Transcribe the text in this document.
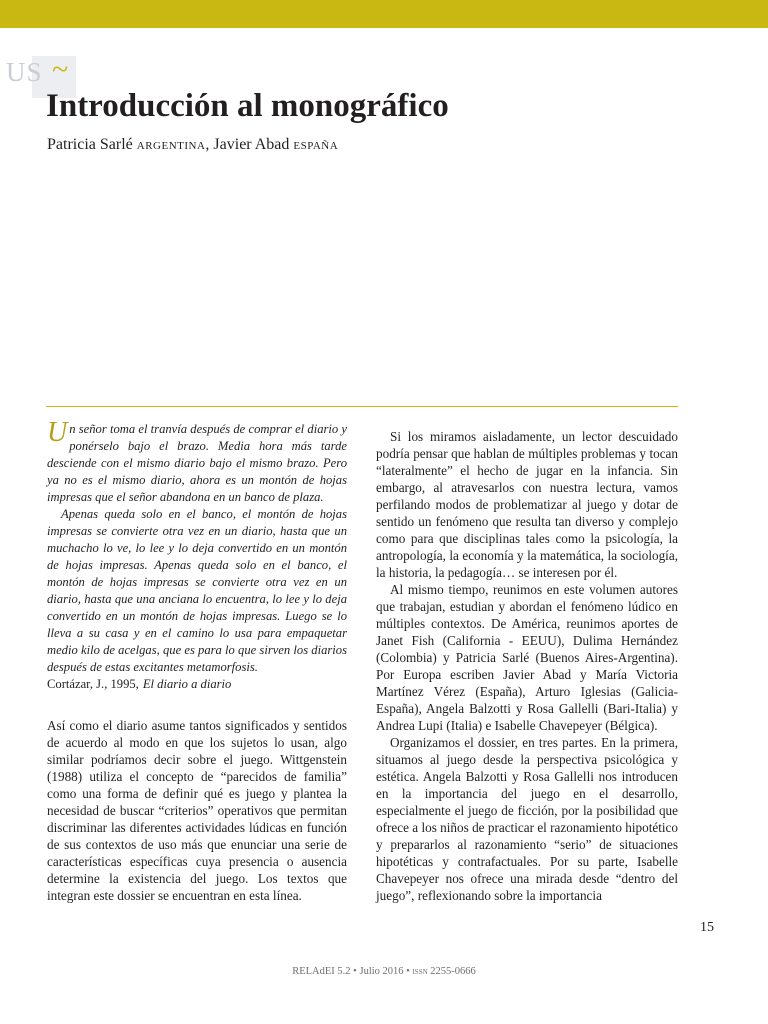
US ~
Introducción al monográfico
Patricia Sarlé argentina, Javier Abad españa

Un señor toma el tranvía después de comprar el diario y ponérselo bajo el brazo. Media hora más tarde desciende con el mismo diario bajo el mismo brazo. Pero ya no es el mismo diario, ahora es un montón de hojas impresas que el señor abandona en un banco de plaza.

Apenas queda solo en el banco, el montón de hojas impresas se convierte otra vez en un diario, hasta que un muchacho lo ve, lo lee y lo deja convertido en un montón de hojas impresas. Apenas queda solo en el banco, el montón de hojas impresas se convierte otra vez en un diario, hasta que una anciana lo encuentra, lo lee y lo deja convertido en un montón de hojas impresas. Luego se lo lleva a su casa y en el camino lo usa para empaquetar medio kilo de acelgas, que es para lo que sirven los diarios después de estas excitantes metamorfosis.

Cortázar, J., 1995, El diario a diario

Así como el diario asume tantos significados y sentidos de acuerdo al modo en que los sujetos lo usan, algo similar podríamos decir sobre el juego. Wittgenstein (1988) utiliza el concepto de “parecidos de familia” como una forma de definir qué es juego y plantea la necesidad de buscar “criterios” operativos que permitan discriminar las diferentes actividades lúdicas en función de sus contextos de uso más que enunciar una serie de características específicas cuya presencia o ausencia determine la existencia del juego. Los textos que integran este dossier se encuentran en esta línea.

Si los miramos aisladamente, un lector descuidado podría pensar que hablan de múltiples problemas y tocan “lateralmente” el hecho de jugar en la infancia. Sin embargo, al atravesarlos con nuestra lectura, vamos perfilando modos de problematizar al juego y dotar de sentido un fenómeno que resulta tan diverso y complejo como para que disciplinas tales como la psicología, la antropología, la economía y la matemática, la sociología, la historia, la pedagogía… se interesen por él.

Al mismo tiempo, reunimos en este volumen autores que trabajan, estudian y abordan el fenómeno lúdico en múltiples contextos. De América, reunimos aportes de Janet Fish (California - EEUU), Dulima Hernández (Colombia) y Patricia Sarlé (Buenos Aires-Argentina). Por Europa escriben Javier Abad y María Victoria Martínez Vérez (España), Arturo Iglesias (Galicia-España), Angela Balzotti y Rosa Gallelli (Bari-Italia) y Andrea Lupi (Italia) e Isabelle Chavepeyer (Bélgica).

Organizamos el dossier, en tres partes. En la primera, situamos al juego desde la perspectiva psicológica y estética. Angela Balzotti y Rosa Gallelli nos introducen en la importancia del juego en el desarrollo, especialmente el juego de ficción, por la posibilidad que ofrece a los niños de practicar el razonamiento hipotético y prepararlos al razonamiento “serio” de situaciones hipotéticas y contrafactuales. Por su parte, Isabelle Chavepeyer nos ofrece una mirada desde “dentro del juego”, reflexionando sobre la importancia

15
RELAdEI 5.2 • Julio 2016 • issn 2255-0666
